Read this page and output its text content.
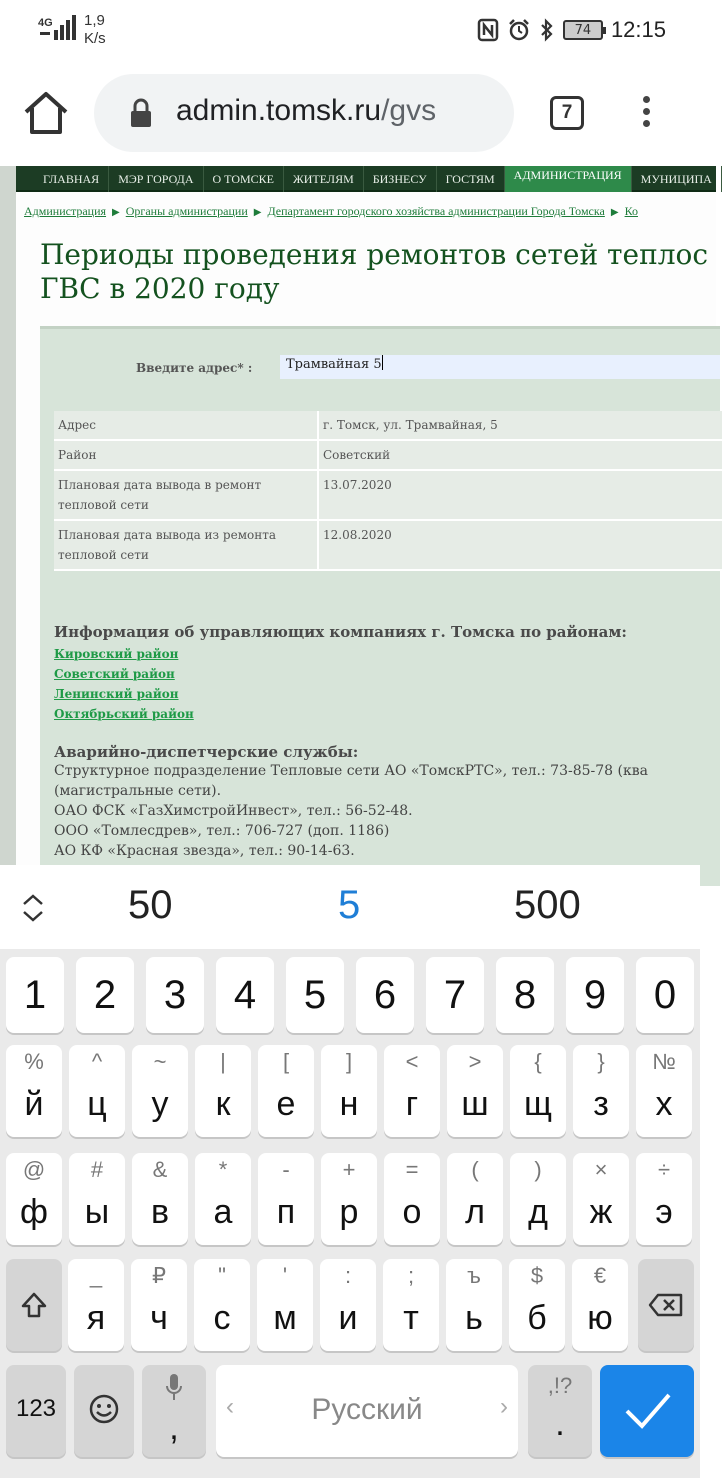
4G 1,9
K/s	74 12:15
admin.tomsk.ru/gvs	7
ГЛАВНАЯ	МЭР ГОРОДА	О ТОМСКЕ	ЖИТЕЛЯМ	БИЗНЕСУ	ГОСТЯМ	АДМИНИСТРАЦИЯ	МУНИЦИПА
Администрация ▶ Органы администрации ▶ Департамент городского хозяйства администрации Города Томска ▶ Ко
Периоды проведения ремонтов сетей теплос
ГВС в 2020 году
Введите адрес* :	Трамвайная 5
Адрес	г. Томск, ул. Трамвайная, 5
Район	Советский
Плановая дата вывода в ремонт тепловой сети	13.07.2020
Плановая дата вывода из ремонта тепловой сети	12.08.2020
Информация об управляющих компаниях г. Томска по районам:
Кировский район
Советский район
Ленинский район
Октябрьский район
Аварийно-диспетчерские службы:
Структурное подразделение Тепловые сети АО «ТомскРТС», тел.: 73-85-78 (ква
(магистральные сети).
ОАО ФСК «ГазХимстройИнвест», тел.: 56-52-48.
ООО «Томлесдрев», тел.: 706-727 (доп. 1186)
АО КФ «Красная звезда», тел.: 90-14-63.
50	5	500
1	2	3	4	5	6	7	8	9	0
%
й
^
ц
~
у
|
к
[
е
]
н
<
г
>
ш
{
щ
}
з
№
х
@
ф
#
ы
&
в
*
а
-
п
+
р
=
о
(
л
)
д
×
ж
÷
э
_
я
₽
ч
"
с
'
м
:
и
;
т
ъ
ь
$
б
€
ю
123
,
‹	Русский	›
,!?
.
